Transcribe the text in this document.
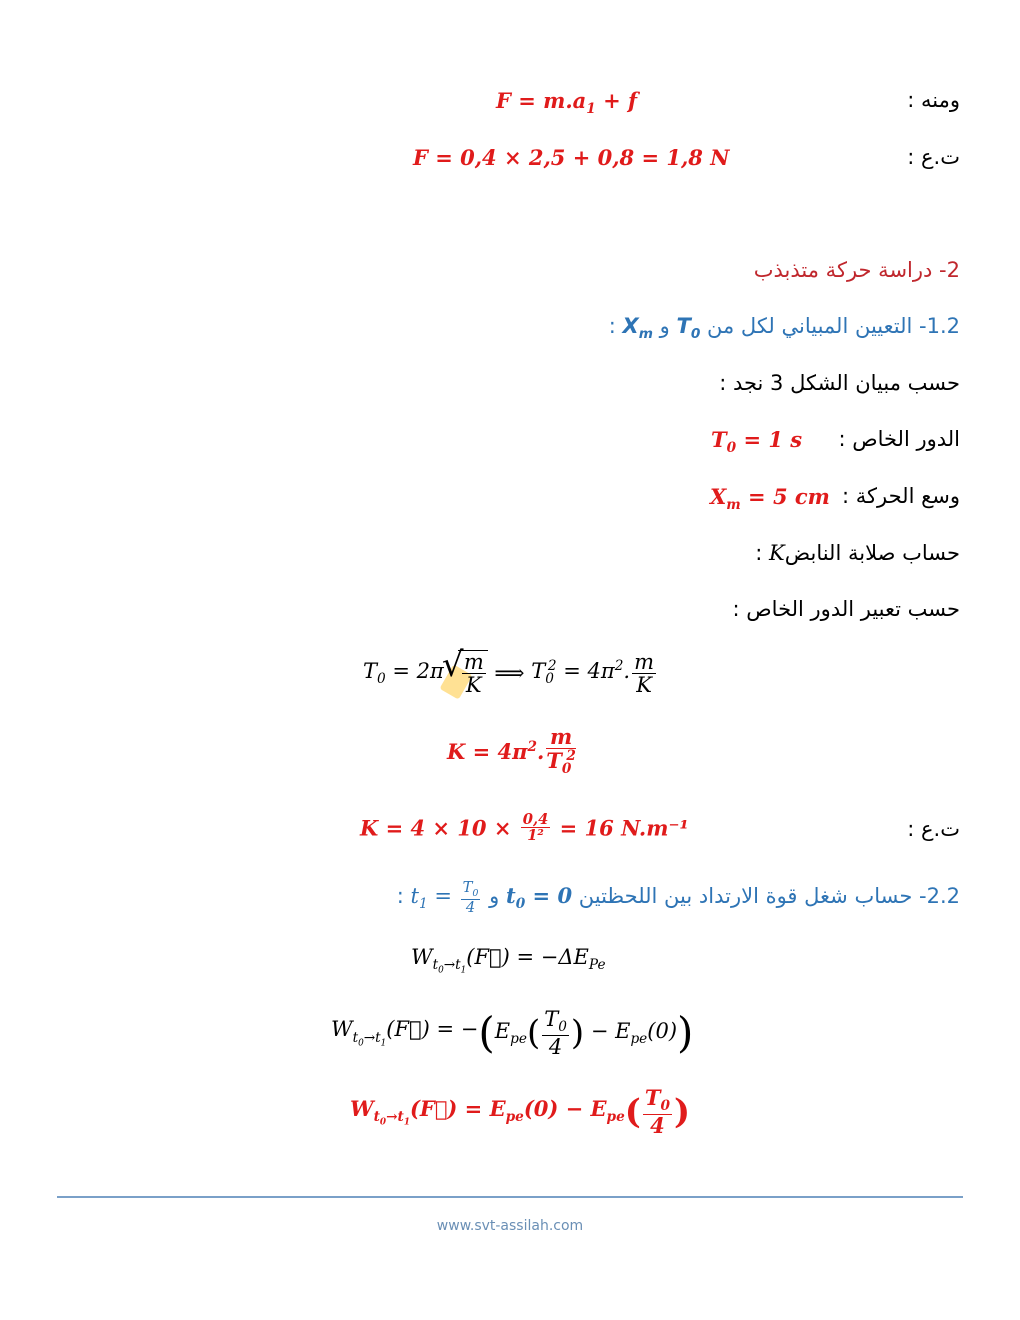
$F = m.a_1 + f$	ومنه :
F = 0,4 × 2,5 + 0,8 = 1,8 N	ت.ع :
2- دراسة حركة متذبذب
1.2- التعيين المبياني لكل من $T_0$ و $X_m$ :
حسب مبيان الشكل 3 نجد :
$T_0 = 1$ s الدور الخاص :
$X_m = 5$ cm وسع الحركة :
حساب صلابة النابضK :
حسب تعبير الدور الخاص :
$T_0 = 2\pi$
√ $\frac{m}{K}$ ⟹ $T_0^2 = 4\pi^2$. $\frac{m}{K}$
$K = 4\pi^2$. $\frac{m}{T_0^2}$
$K = 4 \times 10 \times \frac{0,4}{\text{1²}} = 16$ N.m⁻¹	ت.ع :
2.2- حساب شغل قوة الارتداد بين اللحظتين $t_0 = 0$ و $t_1 = \frac{T_0}{4}$
:
$W_{t_0\to t_1}(F⃗) = -\Delta E_{Pe}$
$W_{t_0\to t_1}(F⃗) = -(E_{pe}( \frac{T_0}{4}$ ) − $E_{pe}(0)$)
$W_{t_0\to t_1}(F⃗) = E_{pe}(0) - E_{pe}( \frac{T_0}{4}$ )
www.svt-assilah.com
